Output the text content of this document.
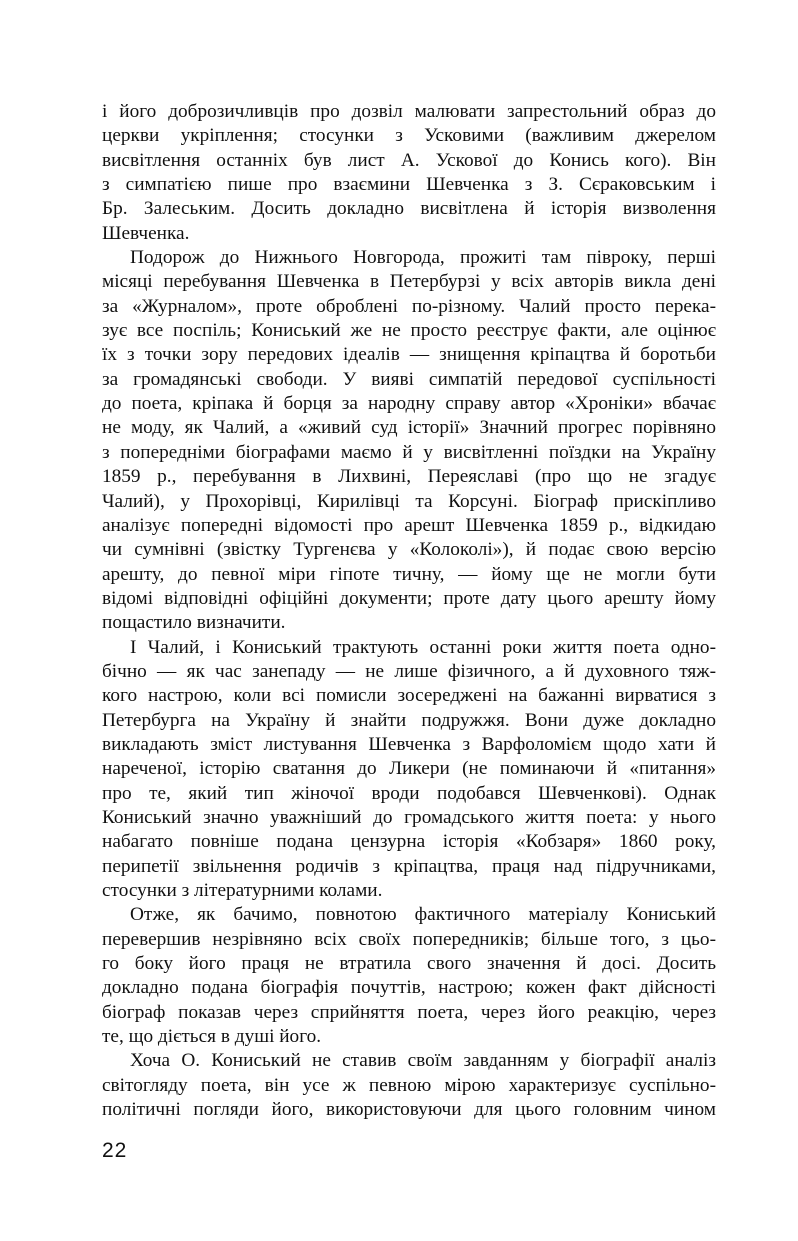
і його доброзичливців про дозвіл малювати запрестольний образ до
церкви укріплення; стосунки з Усковими (важливим джерелом
висвітлення останніх був лист А. Ускової до Конись кого). Він
з симпатією пише про взаємини Шевченка з З. Сєраковським і
Бр. Залеським. Досить докладно висвітлена й історія визволення
Шевченка.
Подорож до Нижнього Новгорода, прожиті там півроку, перші
місяці перебування Шевченка в Петербурзі у всіх авторів викла дені
за «Журналом», проте оброблені по-різному. Чалий просто перека-
зує все поспіль; Кониський же не просто реєструє факти, але оцінює
їх з точки зору передових ідеалів — знищення кріпацтва й боротьби
за громадянські свободи. У вияві симпатій передової суспільності
до поета, кріпака й борця за народну справу автор «Хроніки» вбачає
не моду, як Чалий, а «живий суд історії» Значний прогрес порівняно
з попередніми біографами маємо й у висвітленні поїздки на Україну
1859 р., перебування в Лихвині, Переяславі (про що не згадує
Чалий), у Прохорівці, Кирилівці та Корсуні. Біограф прискіпливо
аналізує попередні відомості про арешт Шевченка 1859 р., відкидаю
чи сумнівні (звістку Тургенєва у «Колоколі»), й подає свою версію
арешту, до певної міри гіпоте тичну, — йому ще не могли бути
відомі відповідні офіційні документи; проте дату цього арешту йому
пощастило визначити.
І Чалий, і Кониський трактують останні роки життя поета одно-
бічно — як час занепаду — не лише фізичного, а й духовного тяж-
кого настрою, коли всі помисли зосереджені на бажанні вирватися з
Петербурга на Україну й знайти подружжя. Вони дуже докладно
викладають зміст листування Шевченка з Варфоломієм щодо хати й
нареченої, історію сватання до Ликери (не поминаючи й «питання»
про те, який тип жіночої вроди подобався Шевченкові). Однак
Кониський значно уважніший до громадського життя поета: у нього
набагато повніше подана цензурна історія «Кобзаря» 1860 року,
перипетії звільнення родичів з кріпацтва, праця над підручниками,
стосунки з літературними колами.
Отже, як бачимо, повнотою фактичного матеріалу Кониський
перевершив незрівняно всіх своїх попередників; більше того, з цьо-
го боку його праця не втратила свого значення й досі. Досить
докладно подана біографія почуттів, настрою; кожен факт дійсності
біограф показав через сприйняття поета, через його реакцію, через
те, що діється в душі його.
Хоча О. Кониський не ставив своїм завданням у біографії аналіз
світогляду поета, він усе ж певною мірою характеризує суспільно-
політичні погляди його, використовуючи для цього головним чином
22
